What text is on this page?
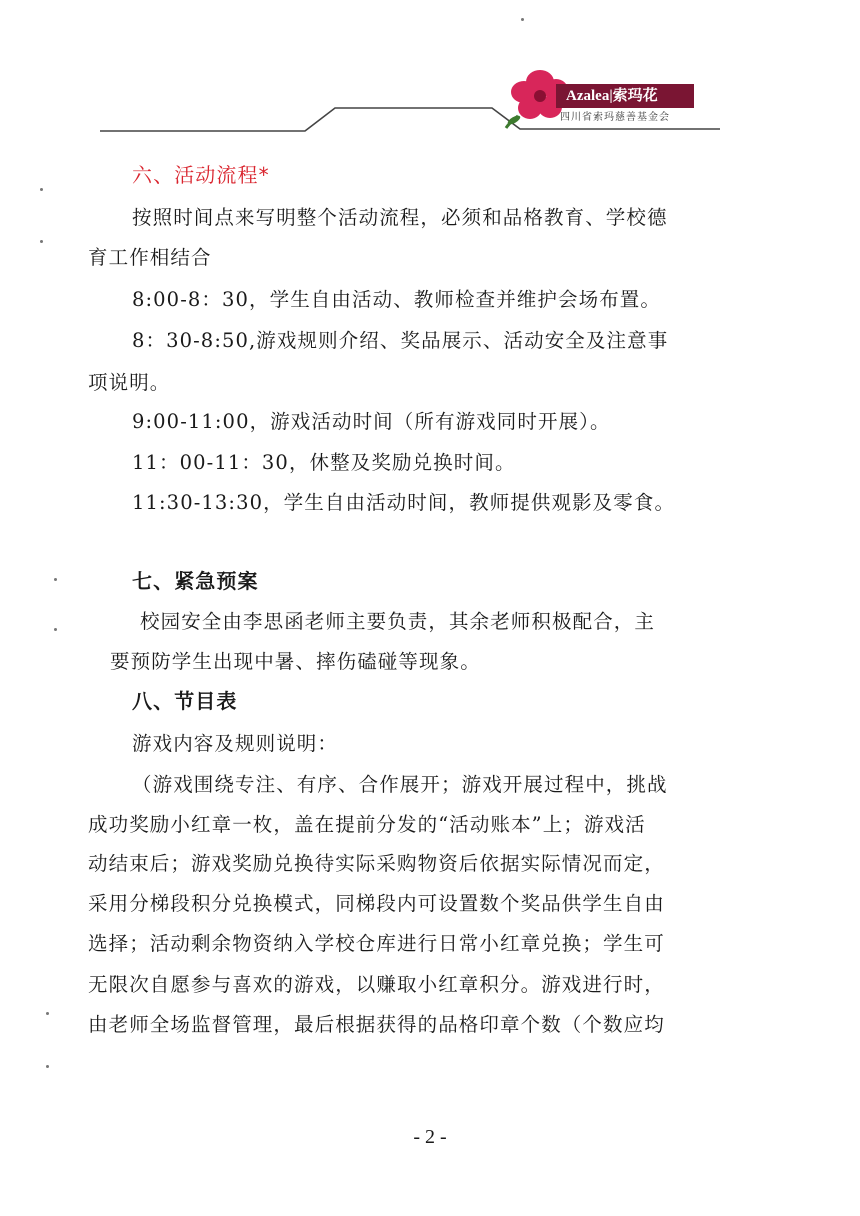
Azalea|索玛花
四川省索玛慈善基金会
六、活动流程*
按照时间点来写明整个活动流程，必须和品格教育、学校德
育工作相结合
8:00-8：30，学生自由活动、教师检查并维护会场布置。
8：30-8:50,游戏规则介绍、奖品展示、活动安全及注意事
项说明。
9:00-11:00，游戏活动时间（所有游戏同时开展）。
11：00-11：30，休整及奖励兑换时间。
11:30-13:30，学生自由活动时间，教师提供观影及零食。
七、紧急预案
校园安全由李思函老师主要负责，其余老师积极配合，主
要预防学生出现中暑、摔伤磕碰等现象。
八、节目表
游戏内容及规则说明：
（游戏围绕专注、有序、合作展开；游戏开展过程中，挑战
成功奖励小红章一枚，盖在提前分发的“活动账本”上；游戏活
动结束后；游戏奖励兑换待实际采购物资后依据实际情况而定，
采用分梯段积分兑换模式，同梯段内可设置数个奖品供学生自由
选择；活动剩余物资纳入学校仓库进行日常小红章兑换；学生可
无限次自愿参与喜欢的游戏，以赚取小红章积分。游戏进行时，
由老师全场监督管理，最后根据获得的品格印章个数（个数应均
- 2 -
